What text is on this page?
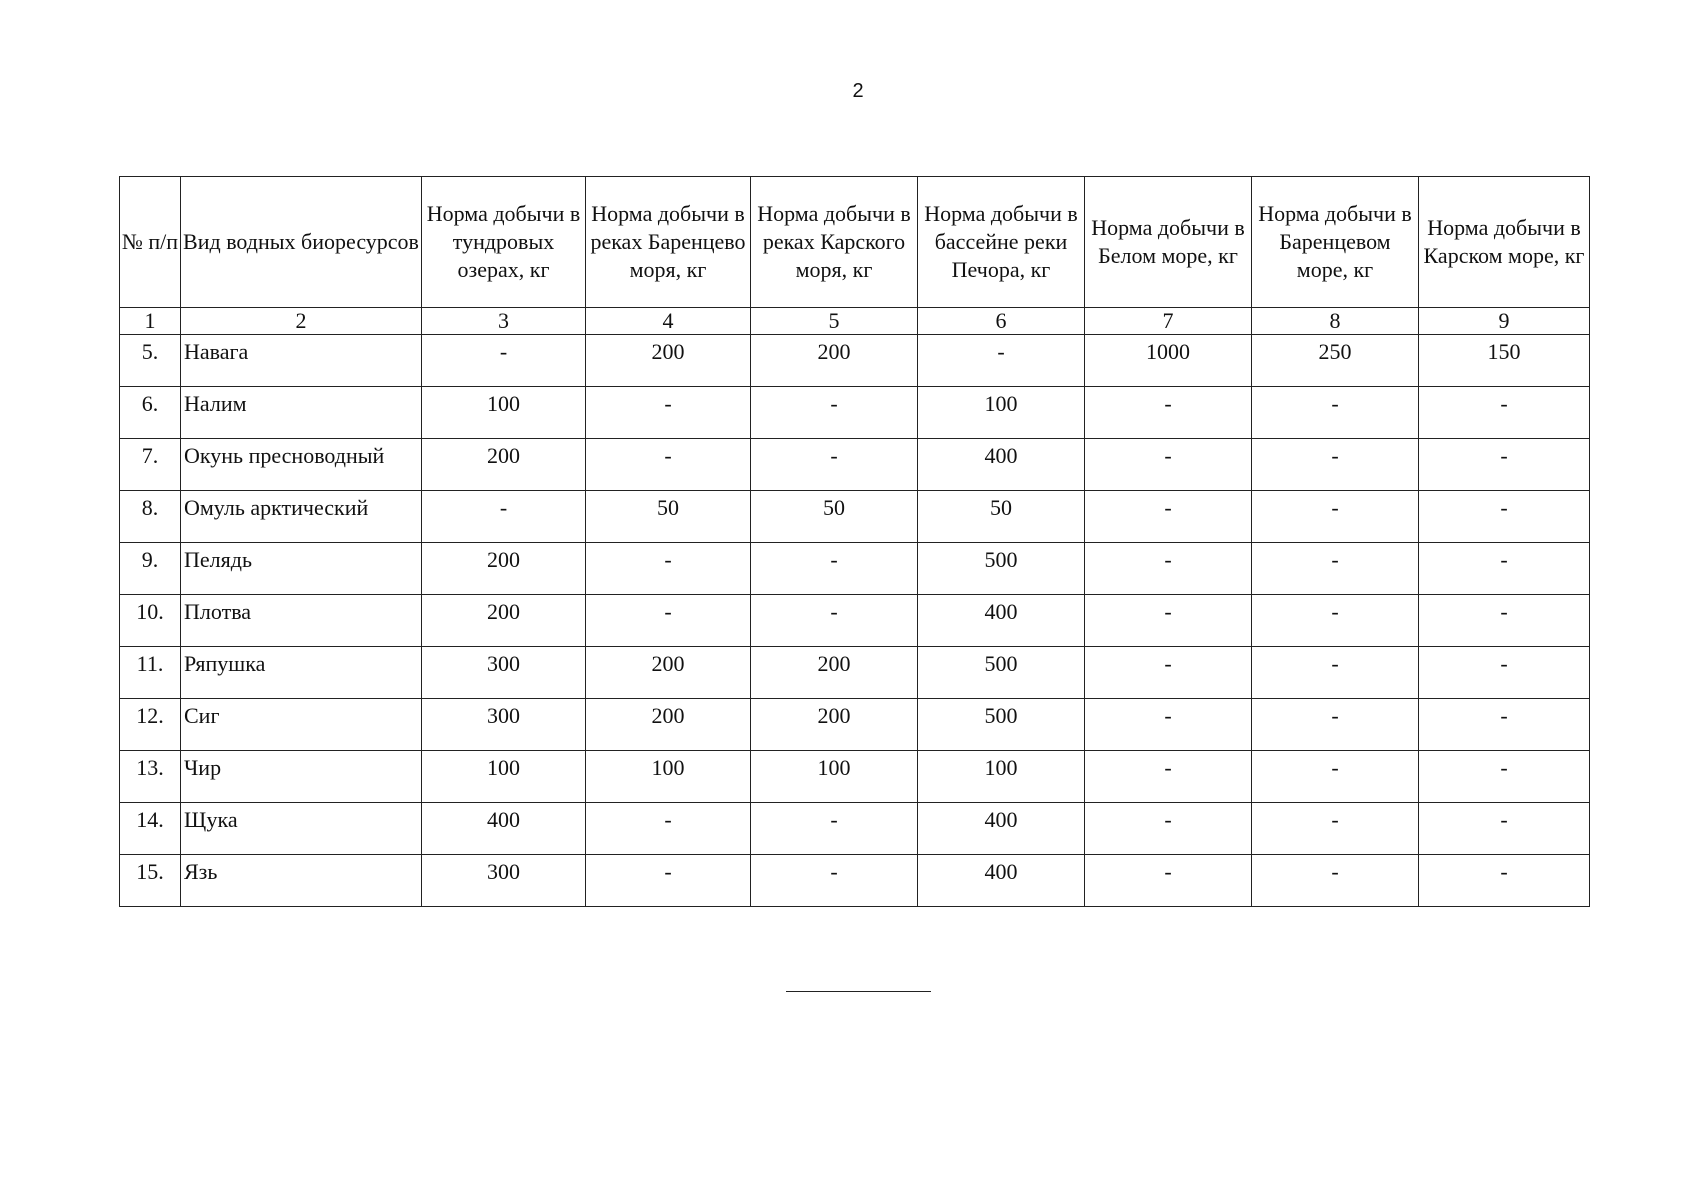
2
№ п/п	Вид водных биоресурсов	Норма добычи в тундровых озерах, кг	Норма добычи в реках Баренцево моря, кг	Норма добычи в реках Карского моря, кг	Норма добычи в бассейне реки Печора, кг	Норма добычи в Белом море, кг	Норма добычи в Баренцевом море, кг	Норма добычи в Карском море, кг
1	2	3	4	5	6	7	8	9
5.	Навага	-	200	200	-	1000	250	150
6.	Налим	100	-	-	100	-	-	-
7.	Окунь пресноводный	200	-	-	400	-	-	-
8.	Омуль арктический	-	50	50	50	-	-	-
9.	Пелядь	200	-	-	500	-	-	-
10.	Плотва	200	-	-	400	-	-	-
11.	Ряпушка	300	200	200	500	-	-	-
12.	Сиг	300	200	200	500	-	-	-
13.	Чир	100	100	100	100	-	-	-
14.	Щука	400	-	-	400	-	-	-
15.	Язь	300	-	-	400	-	-	-
